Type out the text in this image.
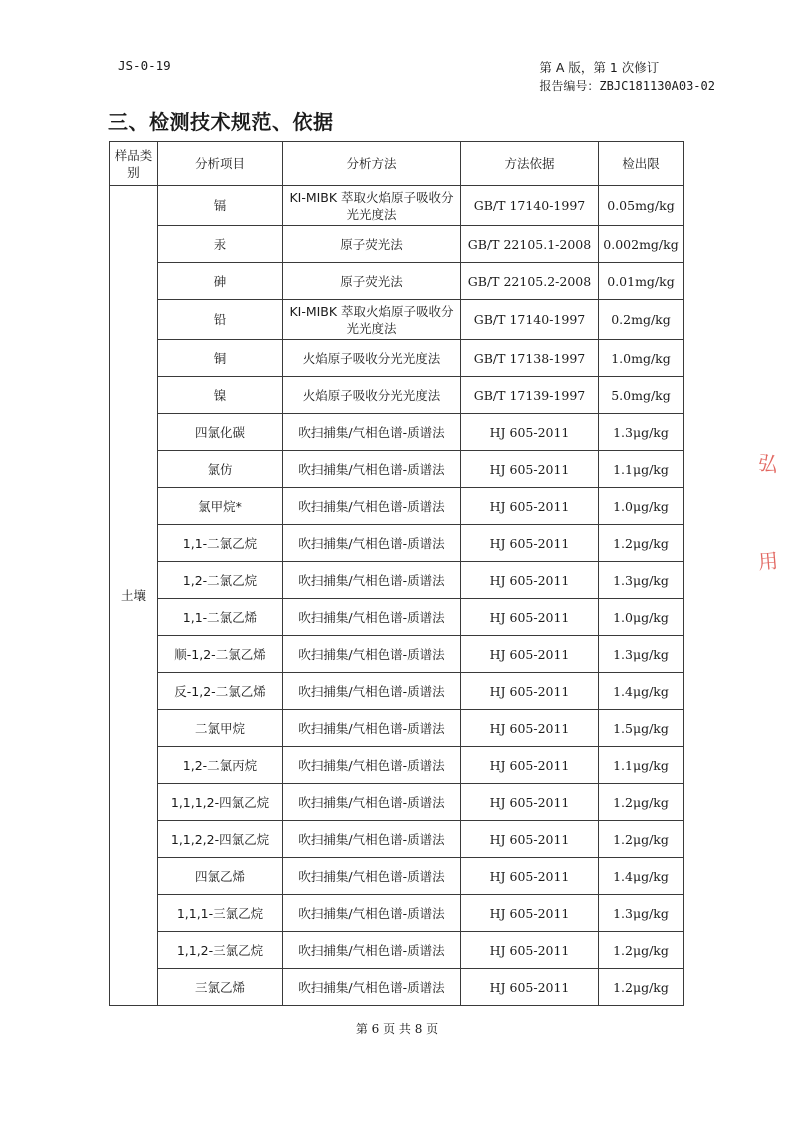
JS-0-19	第 A 版，第 1 次修订
报告编号：ZBJC181130A03-02
三、检测技术规范、依据
样品类别	分析项目	分析方法	方法依据	检出限
土壤	镉	KI-MIBK 萃取火焰原子吸收分光光度法	GB/T 17140-1997	0.05mg/kg
	汞	原子荧光法	GB/T 22105.1-2008	0.002mg/kg
	砷	原子荧光法	GB/T 22105.2-2008	0.01mg/kg
	铅	KI-MIBK 萃取火焰原子吸收分光光度法	GB/T 17140-1997	0.2mg/kg
	铜	火焰原子吸收分光光度法	GB/T 17138-1997	1.0mg/kg
	镍	火焰原子吸收分光光度法	GB/T 17139-1997	5.0mg/kg
	四氯化碳	吹扫捕集/气相色谱-质谱法	HJ 605-2011	1.3μg/kg
	氯仿	吹扫捕集/气相色谱-质谱法	HJ 605-2011	1.1μg/kg
	氯甲烷*	吹扫捕集/气相色谱-质谱法	HJ 605-2011	1.0μg/kg
	1,1-二氯乙烷	吹扫捕集/气相色谱-质谱法	HJ 605-2011	1.2μg/kg
	1,2-二氯乙烷	吹扫捕集/气相色谱-质谱法	HJ 605-2011	1.3μg/kg
	1,1-二氯乙烯	吹扫捕集/气相色谱-质谱法	HJ 605-2011	1.0μg/kg
	顺-1,2-二氯乙烯	吹扫捕集/气相色谱-质谱法	HJ 605-2011	1.3μg/kg
	反-1,2-二氯乙烯	吹扫捕集/气相色谱-质谱法	HJ 605-2011	1.4μg/kg
	二氯甲烷	吹扫捕集/气相色谱-质谱法	HJ 605-2011	1.5μg/kg
	1,2-二氯丙烷	吹扫捕集/气相色谱-质谱法	HJ 605-2011	1.1μg/kg
	1,1,1,2-四氯乙烷	吹扫捕集/气相色谱-质谱法	HJ 605-2011	1.2μg/kg
	1,1,2,2-四氯乙烷	吹扫捕集/气相色谱-质谱法	HJ 605-2011	1.2μg/kg
	四氯乙烯	吹扫捕集/气相色谱-质谱法	HJ 605-2011	1.4μg/kg
	1,1,1-三氯乙烷	吹扫捕集/气相色谱-质谱法	HJ 605-2011	1.3μg/kg
	1,1,2-三氯乙烷	吹扫捕集/气相色谱-质谱法	HJ 605-2011	1.2μg/kg
	三氯乙烯	吹扫捕集/气相色谱-质谱法	HJ 605-2011	1.2μg/kg
第 6 页 共 8 页
弘
用
